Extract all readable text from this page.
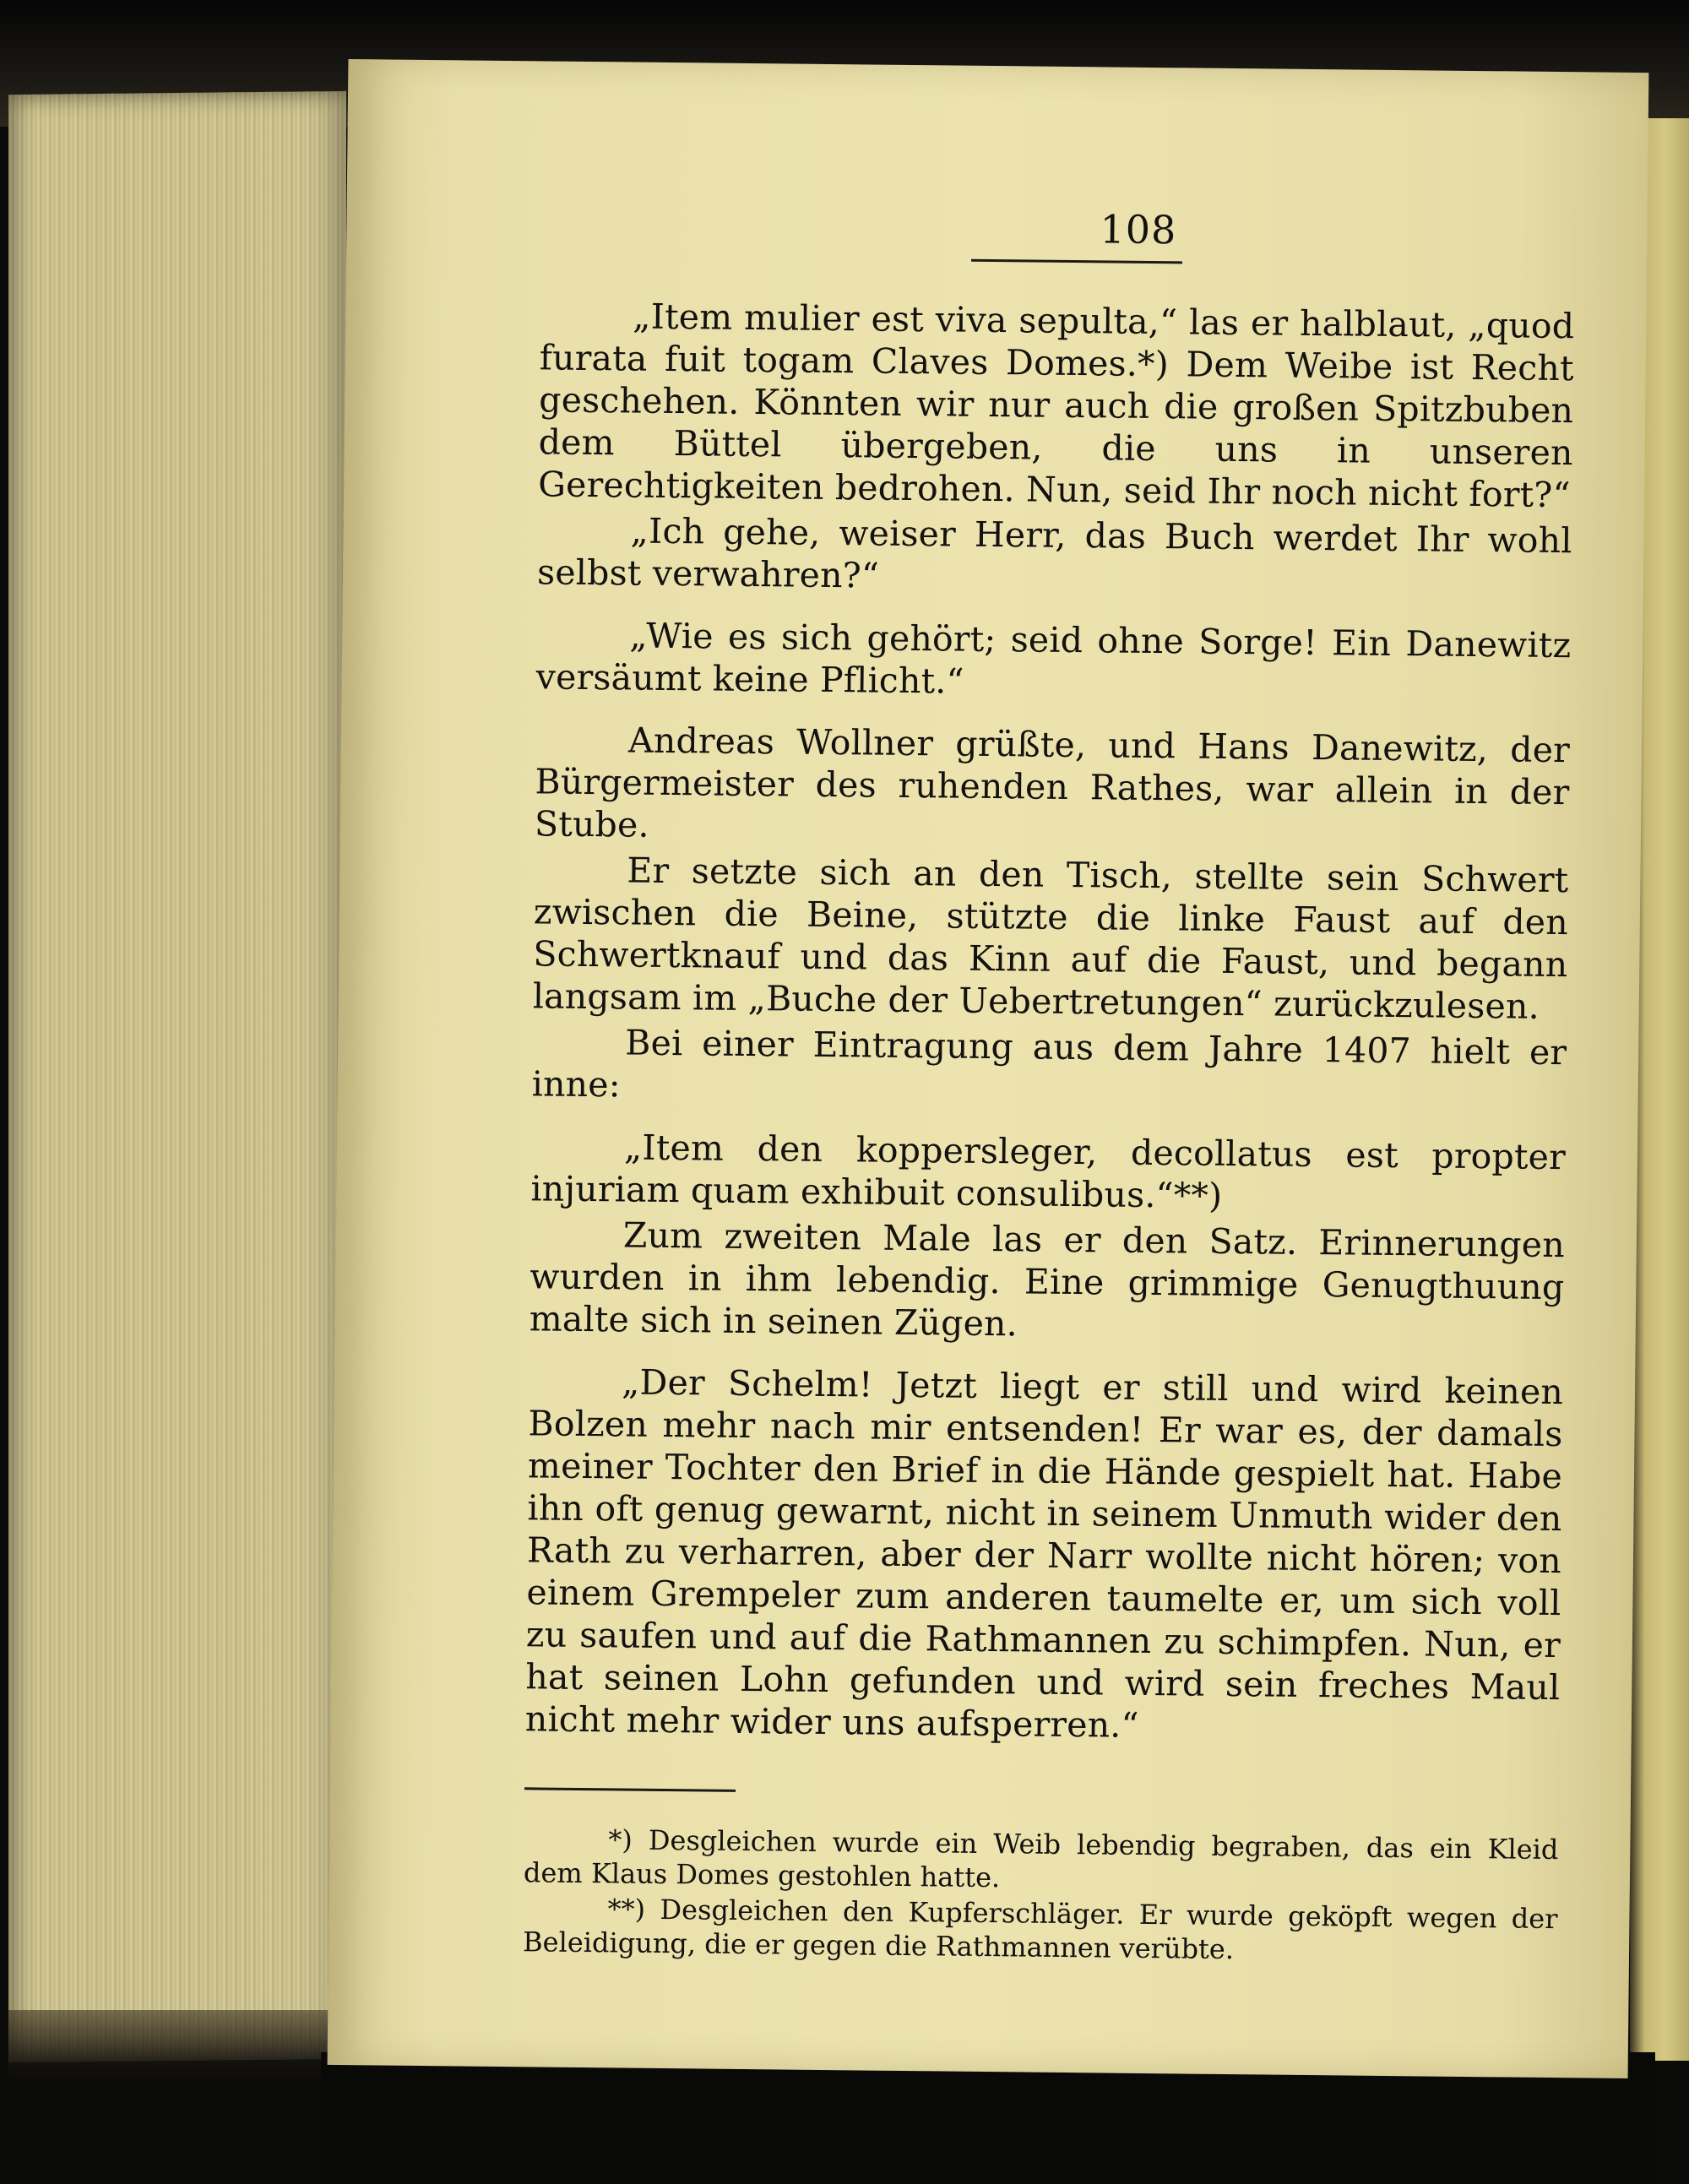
108

„Item mulier est viva sepulta,“ las er halblaut, „quod furata fuit togam Claves Domes.*) Dem Weibe ist Recht geschehen. Könnten wir nur auch die großen Spitzbuben dem Büttel übergeben, die uns in unseren Gerechtigkeiten bedrohen. Nun, seid Ihr noch nicht fort?“

„Ich gehe, weiser Herr, das Buch werdet Ihr wohl selbst verwahren?“

„Wie es sich gehört; seid ohne Sorge! Ein Danewitz versäumt keine Pflicht.“

Andreas Wollner grüßte, und Hans Danewitz, der Bürgermeister des ruhenden Rathes, war allein in der Stube.

Er setzte sich an den Tisch, stellte sein Schwert zwischen die Beine, stützte die linke Faust auf den Schwertknauf und das Kinn auf die Faust, und begann langsam im „Buche der Uebertretungen“ zurückzulesen.

Bei einer Eintragung aus dem Jahre 1407 hielt er inne:

„Item den koppersleger, decollatus est propter injuriam quam exhibuit consulibus.“**)

Zum zweiten Male las er den Satz. Erinnerungen wurden in ihm lebendig. Eine grimmige Genugthuung malte sich in seinen Zügen.

„Der Schelm! Jetzt liegt er still und wird keinen Bolzen mehr nach mir entsenden! Er war es, der damals meiner Tochter den Brief in die Hände gespielt hat. Habe ihn oft genug gewarnt, nicht in seinem Unmuth wider den Rath zu verharren, aber der Narr wollte nicht hören; von einem Grempeler zum anderen taumelte er, um sich voll zu saufen und auf die Rathmannen zu schimpfen. Nun, er hat seinen Lohn gefunden und wird sein freches Maul nicht mehr wider uns aufsperren.“

*) Desgleichen wurde ein Weib lebendig begraben, das ein Kleid dem Klaus Domes gestohlen hatte.

**) Desgleichen den Kupferschläger. Er wurde geköpft wegen der Beleidigung, die er gegen die Rathmannen verübte.
